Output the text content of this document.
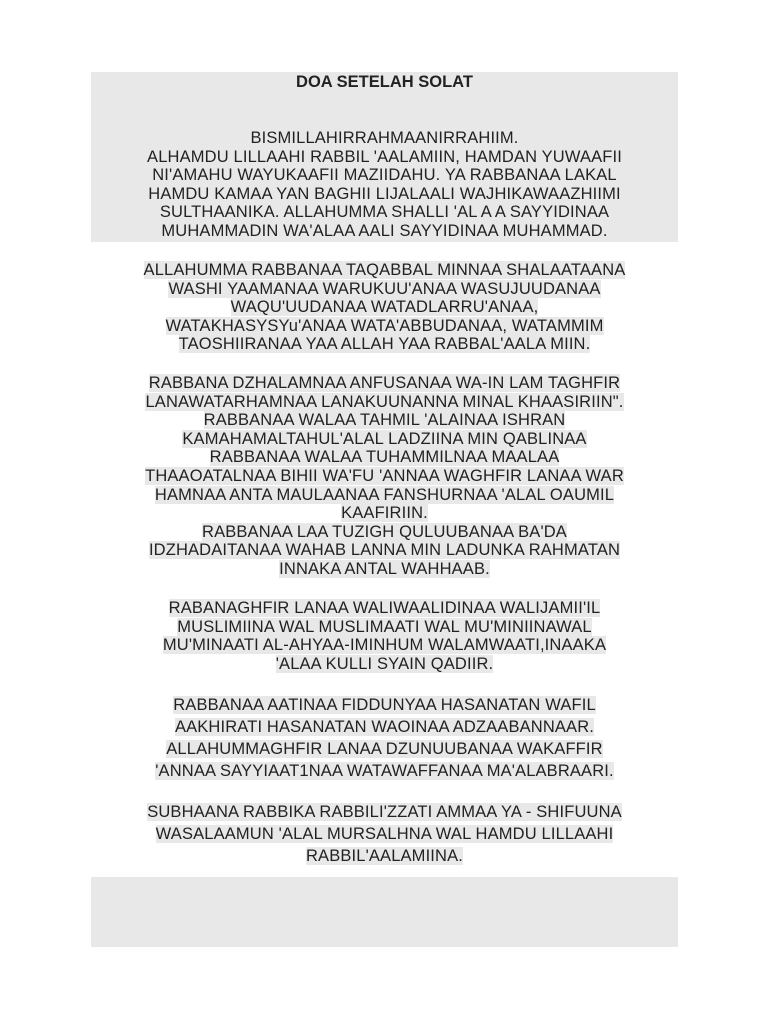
DOA SETELAH SOLAT
BISMILLAHIRRAHMAANIRRAHIIM.
ALHAMDU LILLAAHI RABBIL 'AALAMIIN, HAMDAN YUWAAFII
NI'AMAHU WAYUKAAFII MAZIIDAHU. YA RABBANAA LAKAL
HAMDU KAMAA YAN BAGHII LIJALAALI WAJHIKAWAAZHIIMI
SULTHAANIKA. ALLAHUMMA SHALLI 'AL A A SAYYIDINAA
MUHAMMADIN WA'ALAA AALI SAYYIDINAA MUHAMMAD.
ALLAHUMMA RABBANAA TAQABBAL MINNAA SHALAATAANA
WASHI YAAMANAA WARUKUU'ANAA WASUJUUDANAA
WAQU'UUDANAA WATADLARRU'ANAA,
WATAKHASYSYu'ANAA WATA'ABBUDANAA, WATAMMIM
TAOSHIIRANAA YAA ALLAH YAA RABBAL'AALA MIIN.
RABBANA DZHALAMNAA ANFUSANAA WA-IN LAM TAGHFIR
LANAWATARHAMNAA LANAKUUNANNA MINAL KHAASIRIIN".
RABBANAA WALAA TAHMIL 'ALAINAA ISHRAN
KAMAHAMALTAHUL'ALAL LADZIINA MIN QABLINAA
RABBANAA WALAA TUHAMMILNAA MAALAA
THAAOATALNAA BIHII WA'FU 'ANNAA WAGHFIR LANAA WAR
HAMNAA ANTA MAULAANAA FANSHURNAA 'ALAL OAUMIL
KAAFIRIIN.
RABBANAA LAA TUZIGH QULUUBANAA BA'DA
IDZHADAITANAA WAHAB LANNA MIN LADUNKA RAHMATAN
INNAKA ANTAL WAHHAAB.
RABANAGHFIR LANAA WALIWAALIDINAA WALIJAMII'IL
MUSLIMIINA WAL MUSLIMAATI WAL MU'MINIINAWAL
MU'MINAATI AL-AHYAA-IMINHUM WALAMWAATI,INAAKA
'ALAA KULLI SYAIN QADIIR.
RABBANAA AATINAA FIDDUNYAA HASANATAN WAFIL
AAKHIRATI HASANATAN WAOINAA ADZAABANNAAR.
ALLAHUMMAGHFIR LANAA DZUNUUBANAA WAKAFFIR
'ANNAA SAYYIAAT1NAA WATAWAFFANAA MA'ALABRAARI.
SUBHAANA RABBIKA RABBILI'ZZATI AMMAA YA - SHIFUUNA
WASALAAMUN 'ALAL MURSALHNA WAL HAMDU LILLAAHI
RABBIL'AALAMIINA.
